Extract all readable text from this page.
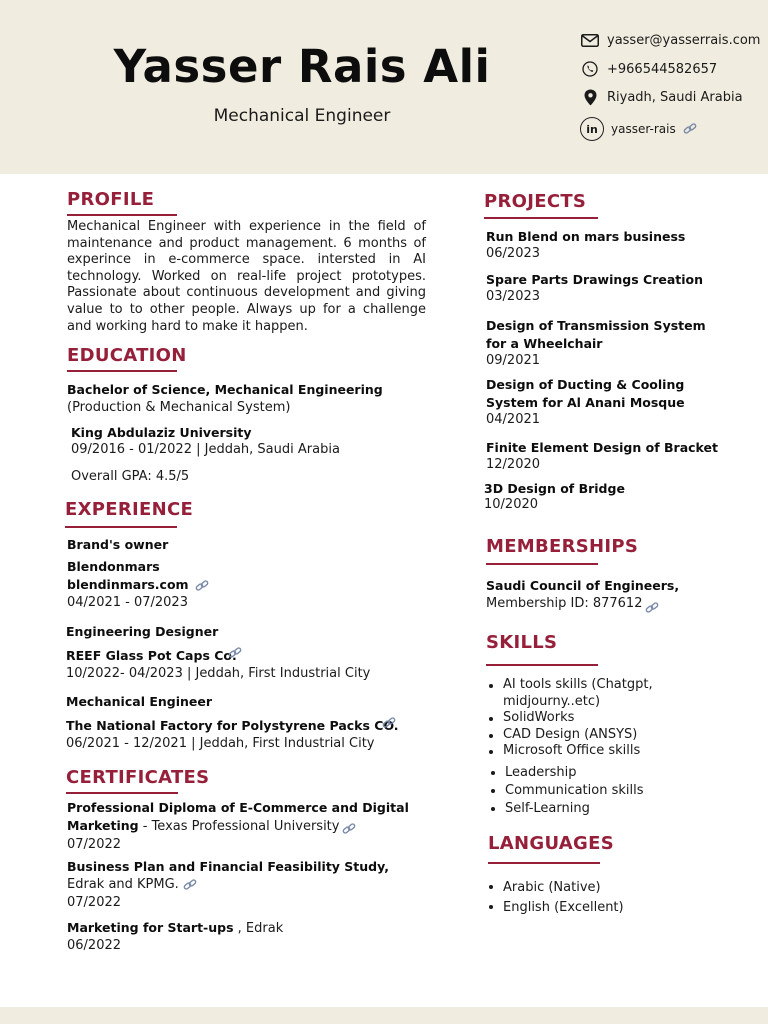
Yasser Rais Ali
Mechanical Engineer
yasser@yasserrais.com
+966544582657
Riyadh, Saudi Arabia
in	yasser-rais
PROFILE
Mechanical Engineer with experience in the field of maintenance and product management. 6 months of experince in e-commerce space. intersted in AI technology. Worked on real-life project prototypes. Passionate about continuous development and giving value to to other people. Always up for a challenge and working hard to make it happen.
EDUCATION
Bachelor of Science, Mechanical Engineering
(Production & Mechanical System)
King Abdulaziz University
09/2016 - 01/2022 | Jeddah, Saudi Arabia
Overall GPA: 4.5/5
EXPERIENCE
Brand's owner
Blendonmars
blendinmars.com
04/2021 - 07/2023
Engineering Designer
REEF Glass Pot Caps Co.
10/2022- 04/2023 | Jeddah, First Industrial City
Mechanical Engineer
The National Factory for Polystyrene Packs CO.
06/2021 - 12/2021 | Jeddah, First Industrial City
CERTIFICATES
Professional Diploma of E-Commerce and Digital
Marketing - Texas Professional University
07/2022
Business Plan and Financial Feasibility Study,
Edrak and KPMG.
07/2022
Marketing for Start-ups , Edrak
06/2022
PROJECTS
Run Blend on mars business
06/2023
Spare Parts Drawings Creation
03/2023
Design of Transmission System
for a Wheelchair
09/2021
Design of Ducting & Cooling
System for Al Anani Mosque
04/2021
Finite Element Design of Bracket
12/2020
3D Design of Bridge
10/2020
MEMBERSHIPS
Saudi Council of Engineers,
Membership ID: 877612
SKILLS
AI tools skills (Chatgpt,
midjourny..etc)
SolidWorks
CAD Design (ANSYS)
Microsoft Office skills
Leadership
Communication skills
Self-Learning
LANGUAGES
Arabic (Native)
English (Excellent)
